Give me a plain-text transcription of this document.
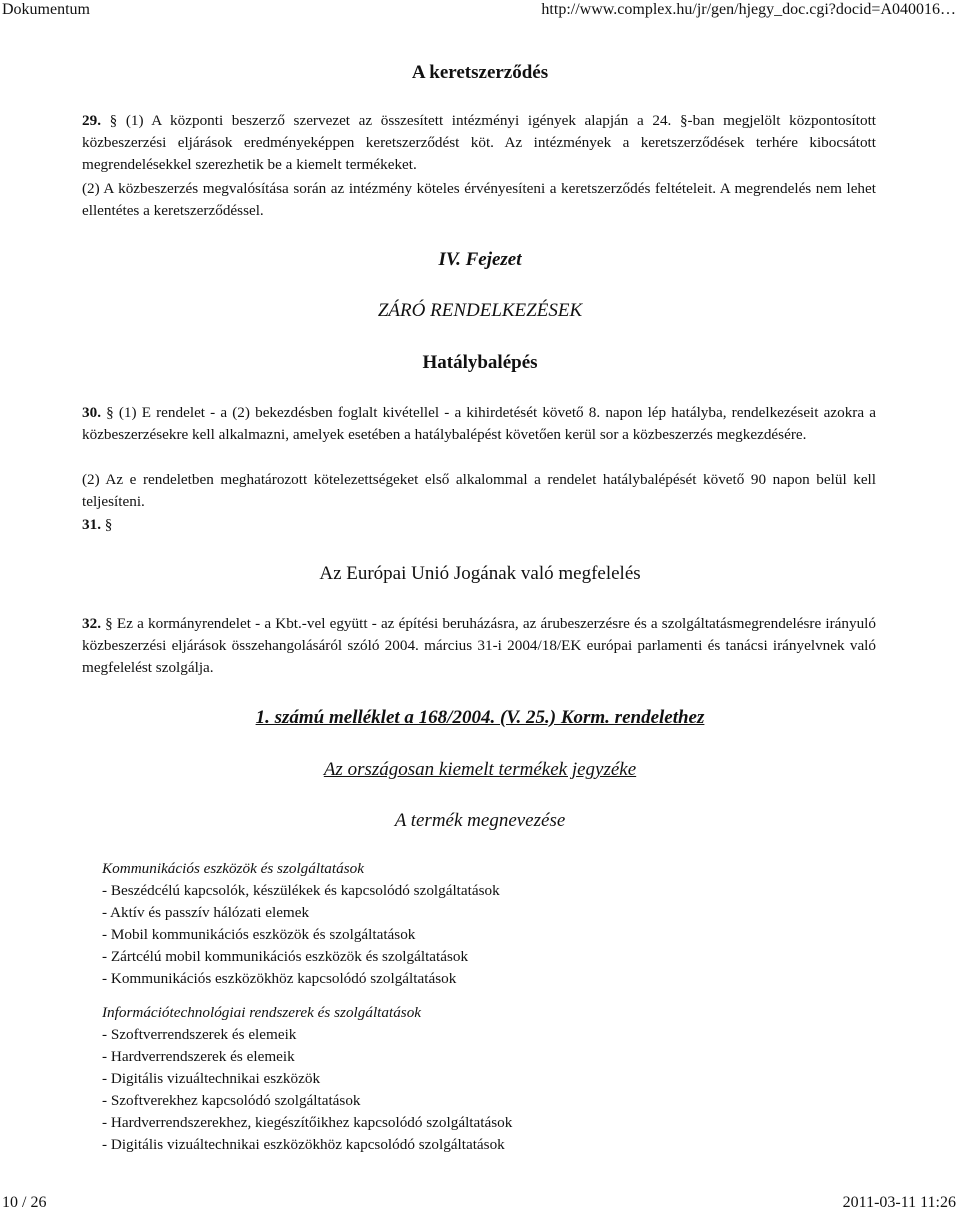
Dokumentum	http://www.complex.hu/jr/gen/hjegy_doc.cgi?docid=A040016…
A keretszerződés
29. § (1) A központi beszerző szervezet az összesített intézményi igények alapján a 24. §-ban megjelölt központosított közbeszerzési eljárások eredményeképpen keretszerződést köt. Az intézmények a keretszerződések terhére kibocsátott megrendelésekkel szerezhetik be a kiemelt termékeket.
(2) A közbeszerzés megvalósítása során az intézmény köteles érvényesíteni a keretszerződés feltételeit. A megrendelés nem lehet ellentétes a keretszerződéssel.
IV. Fejezet
ZÁRÓ RENDELKEZÉSEK
Hatálybalépés
30. § (1) E rendelet - a (2) bekezdésben foglalt kivétellel - a kihirdetését követő 8. napon lép hatályba, rendelkezéseit azokra a közbeszerzésekre kell alkalmazni, amelyek esetében a hatálybalépést követően kerül sor a közbeszerzés megkezdésére.
(2) Az e rendeletben meghatározott kötelezettségeket első alkalommal a rendelet hatálybalépését követő 90 napon belül kell teljesíteni.
31. §
Az Európai Unió Jogának való megfelelés
32. § Ez a kormányrendelet - a Kbt.-vel együtt - az építési beruházásra, az árubeszerzésre és a szolgáltatásmegrendelésre irányuló közbeszerzési eljárások összehangolásáról szóló 2004. március 31-i 2004/18/EK európai parlamenti és tanácsi irányelvnek való megfelelést szolgálja.
1. számú melléklet a 168/2004. (V. 25.) Korm. rendelethez
Az országosan kiemelt termékek jegyzéke
A termék megnevezése
Kommunikációs eszközök és szolgáltatások
- Beszédcélú kapcsolók, készülékek és kapcsolódó szolgáltatások
- Aktív és passzív hálózati elemek
- Mobil kommunikációs eszközök és szolgáltatások
- Zártcélú mobil kommunikációs eszközök és szolgáltatások
- Kommunikációs eszközökhöz kapcsolódó szolgáltatások
Információtechnológiai rendszerek és szolgáltatások
- Szoftverrendszerek és elemeik
- Hardverrendszerek és elemeik
- Digitális vizuáltechnikai eszközök
- Szoftverekhez kapcsolódó szolgáltatások
- Hardverrendszerekhez, kiegészítőikhez kapcsolódó szolgáltatások
- Digitális vizuáltechnikai eszközökhöz kapcsolódó szolgáltatások
10 / 26	2011-03-11 11:26
